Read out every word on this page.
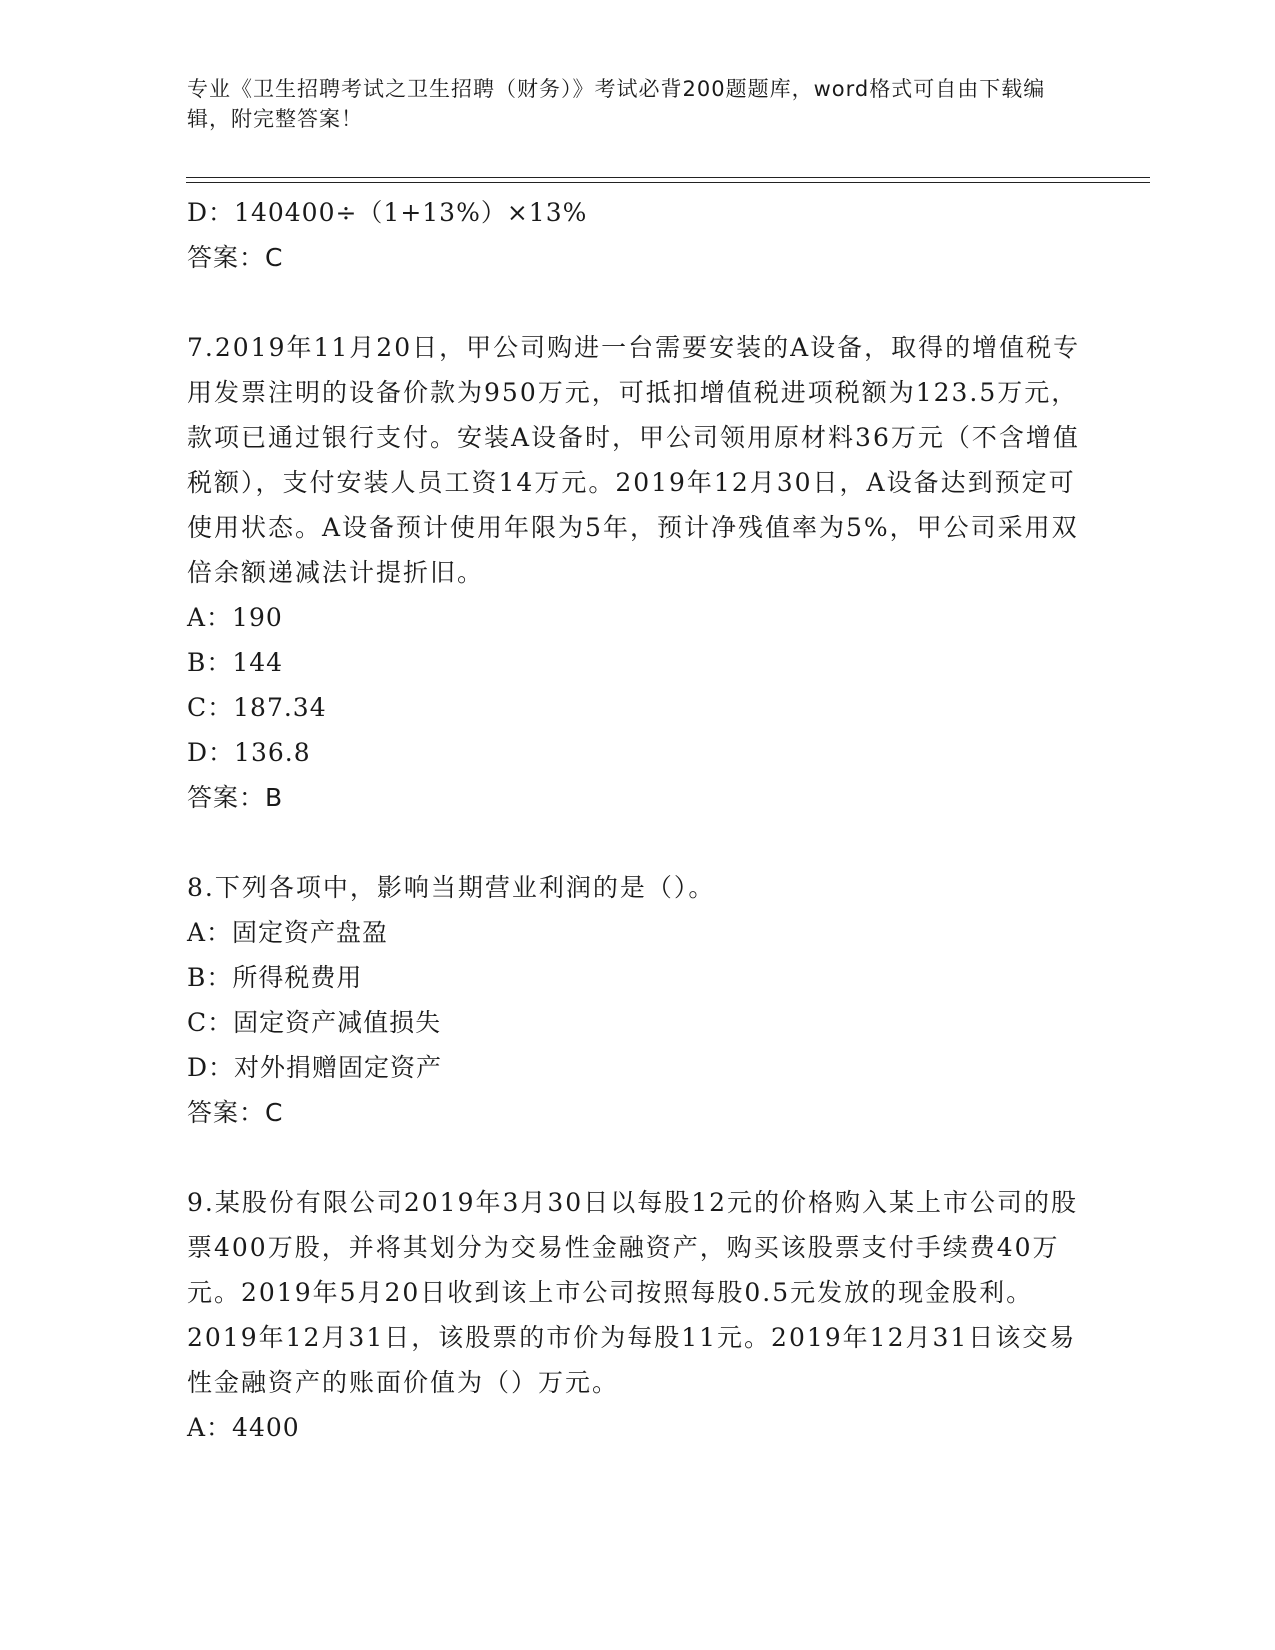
专业《卫生招聘考试之卫生招聘（财务）》考试必背200题题库，word格式可自由下载编辑，附完整答案！
D：140400÷（1+13%）×13%
答案：C
7.2019年11月20日，甲公司购进一台需要安装的A设备，取得的增值税专用发票注明的设备价款为950万元，可抵扣增值税进项税额为123.5万元，款项已通过银行支付。安装A设备时，甲公司领用原材料36万元（不含增值税额），支付安装人员工资14万元。2019年12月30日，A设备达到预定可使用状态。A设备预计使用年限为5年，预计净残值率为5%，甲公司采用双倍余额递减法计提折旧。
A：190
B：144
C：187.34
D：136.8
答案：B
8.下列各项中，影响当期营业利润的是（）。
A：固定资产盘盈
B：所得税费用
C：固定资产减值损失
D：对外捐赠固定资产
答案：C
9.某股份有限公司2019年3月30日以每股12元的价格购入某上市公司的股票400万股，并将其划分为交易性金融资产，购买该股票支付手续费40万元。2019年5月20日收到该上市公司按照每股0.5元发放的现金股利。2019年12月31日，该股票的市价为每股11元。2019年12月31日该交易性金融资产的账面价值为（）万元。
A：4400
